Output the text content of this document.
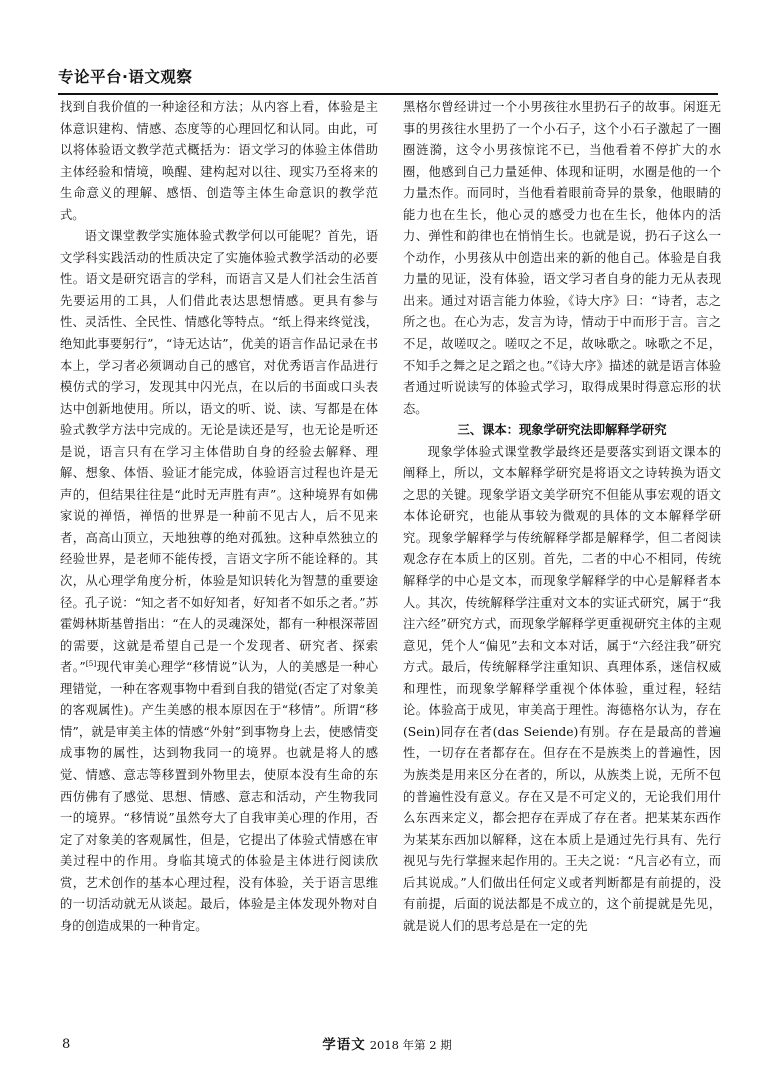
专论平台·语文观察

找到自我价值的一种途径和方法；从内容上看，体验是主体意识建构、情感、态度等的心理回忆和认同。由此，可以将体验语文教学范式概括为：语文学习的体验主体借助主体经验和情境，唤醒、建构起对以往、现实乃至将来的生命意义的理解、感悟、创造等主体生命意识的教学范式。

语文课堂教学实施体验式教学何以可能呢？首先，语文学科实践活动的性质决定了实施体验式教学活动的必要性。语文是研究语言的学科，而语言又是人们社会生活首先要运用的工具，人们借此表达思想情感。更具有参与性、灵活性、全民性、情感化等特点。“纸上得来终觉浅，绝知此事要躬行”，“诗无达诂”，优美的语言作品记录在书本上，学习者必须调动自己的感官，对优秀语言作品进行模仿式的学习，发现其中闪光点，在以后的书面或口头表达中创新地使用。所以，语文的听、说、读、写都是在体验式教学方法中完成的。无论是读还是写，也无论是听还是说，语言只有在学习主体借助自身的经验去解释、理解、想象、体悟、验证才能完成，体验语言过程也许是无声的，但结果往往是“此时无声胜有声”。这种境界有如佛家说的禅悟，禅悟的世界是一种前不见古人，后不见来者，高高山顶立，天地独尊的绝对孤独。这种卓然独立的经验世界，是老师不能传授，言语文字所不能诠释的。其次，从心理学角度分析，体验是知识转化为智慧的重要途径。孔子说：“知之者不如好知者，好知者不如乐之者。”苏霍姆林斯基曾指出：“在人的灵魂深处，都有一种根深蒂固的需要，这就是希望自己是一个发现者、研究者、探索者。”[5]现代审美心理学“移情说”认为，人的美感是一种心理错觉，一种在客观事物中看到自我的错觉(否定了对象美的客观属性)。产生美感的根本原因在于“移情”。所谓“移情”，就是审美主体的情感“外射”到事物身上去，使感情变成事物的属性，达到物我同一的境界。也就是将人的感觉、情感、意志等移置到外物里去，使原本没有生命的东西仿佛有了感觉、思想、情感、意志和活动，产生物我同一的境界。“移情说”虽然夸大了自我审美心理的作用，否定了对象美的客观属性，但是，它提出了体验式情感在审美过程中的作用。身临其境式的体验是主体进行阅读欣赏，艺术创作的基本心理过程，没有体验，关于语言思维的一切活动就无从谈起。最后，体验是主体发现外物对自身的创造成果的一种肯定。

黑格尔曾经讲过一个小男孩往水里扔石子的故事。闲逛无事的男孩往水里扔了一个小石子，这个小石子激起了一圈圈涟漪，这令小男孩惊诧不已，当他看着不停扩大的水圈，他感到自己力量延伸、体现和证明，水圈是他的一个力量杰作。而同时，当他看着眼前奇异的景象，他眼睛的能力也在生长，他心灵的感受力也在生长，他体内的活力、弹性和韵律也在悄悄生长。也就是说，扔石子这么一个动作，小男孩从中创造出来的新的他自己。体验是自我力量的见证，没有体验，语文学习者自身的能力无从表现出来。通过对语言能力体验，《诗大序》曰：“诗者，志之所之也。在心为志，发言为诗，情动于中而形于言。言之不足，故嗟叹之。嗟叹之不足，故咏歌之。咏歌之不足，不知手之舞之足之蹈之也。”《诗大序》描述的就是语言体验者通过听说读写的体验式学习，取得成果时得意忘形的状态。

三、课本：现象学研究法即解释学研究

现象学体验式课堂教学最终还是要落实到语文课本的阐释上，所以，文本解释学研究是将语文之诗转换为语文之思的关键。现象学语文美学研究不但能从事宏观的语文本体论研究，也能从事较为微观的具体的文本解释学研究。现象学解释学与传统解释学都是解释学，但二者阅读观念存在本质上的区别。首先，二者的中心不相同，传统解释学的中心是文本，而现象学解释学的中心是解释者本人。其次，传统解释学注重对文本的实证式研究，属于“我注六经”研究方式，而现象学解释学更重视研究主体的主观意见，凭个人“偏见”去和文本对话，属于“六经注我”研究方式。最后，传统解释学注重知识、真理体系，迷信权威和理性，而现象学解释学重视个体体验，重过程，轻结论。体验高于成见，审美高于理性。海德格尔认为，存在(Sein)同存在者(das Seiende)有别。存在是最高的普遍性，一切存在者都存在。但存在不是族类上的普遍性，因为族类是用来区分在者的，所以，从族类上说，无所不包的普遍性没有意义。存在又是不可定义的，无论我们用什么东西来定义，都会把存在弄成了存在者。把某某东西作为某某东西加以解释，这在本质上是通过先行具有、先行视见与先行掌握来起作用的。王夫之说：“凡言必有立，而后其说成。”人们做出任何定义或者判断都是有前提的，没有前提，后面的说法都是不成立的，这个前提就是先见，就是说人们的思考总是在一定的先

8	学语文 2018 年第 2 期
